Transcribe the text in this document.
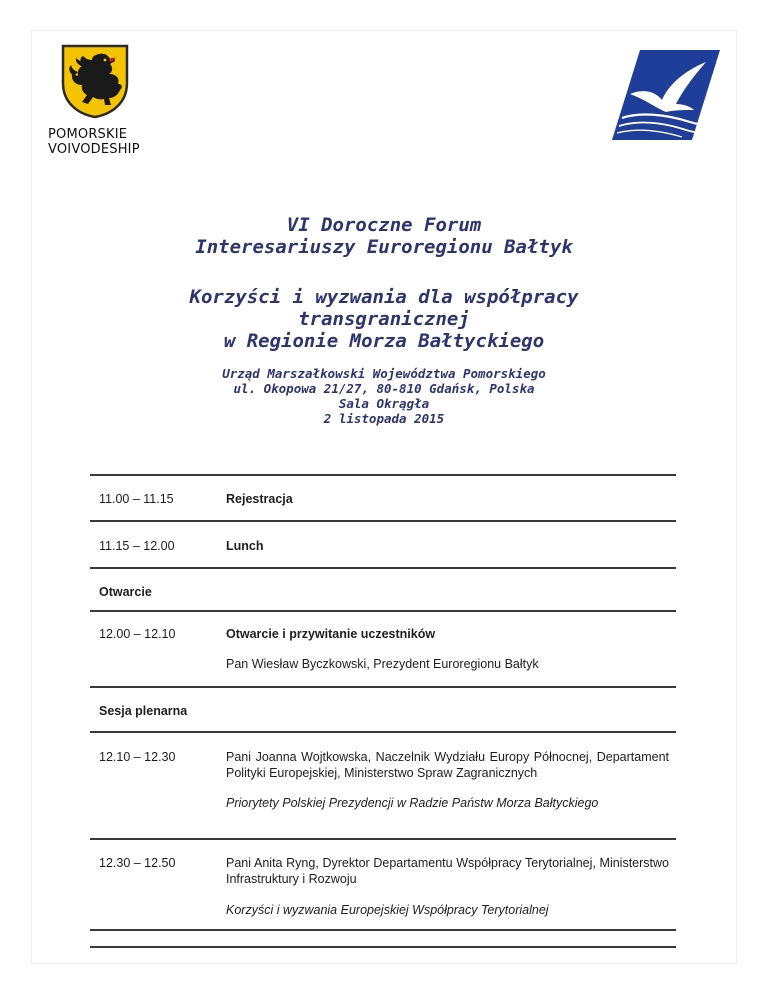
POMORSKIE
VOIVODESHIP
VI Doroczne Forum
Interesariuszy Euroregionu Bałtyk
Korzyści i wyzwania dla współpracy
transgranicznej
w Regionie Morza Bałtyckiego
Urząd Marszałkowski Województwa Pomorskiego
ul. Okopowa 21/27, 80-810 Gdańsk, Polska
Sala Okrągła
2 listopada 2015
11.00 – 11.15	Rejestracja
11.15 – 12.00	Lunch
Otwarcie
12.00 – 12.10	Otwarcie i przywitanie uczestników
Pan Wiesław Byczkowski, Prezydent Euroregionu Bałtyk
Sesja plenarna
12.10 – 12.30	Pani Joanna Wojtkowska, Naczelnik Wydziału Europy Północnej, Departament Polityki Europejskiej, Ministerstwo Spraw Zagranicznych
Priorytety Polskiej Prezydencji w Radzie Państw Morza Bałtyckiego
12.30 – 12.50	Pani Anita Ryng, Dyrektor Departamentu Współpracy Terytorialnej, Ministerstwo Infrastruktury i Rozwoju
Korzyści i wyzwania Europejskiej Współpracy Terytorialnej
